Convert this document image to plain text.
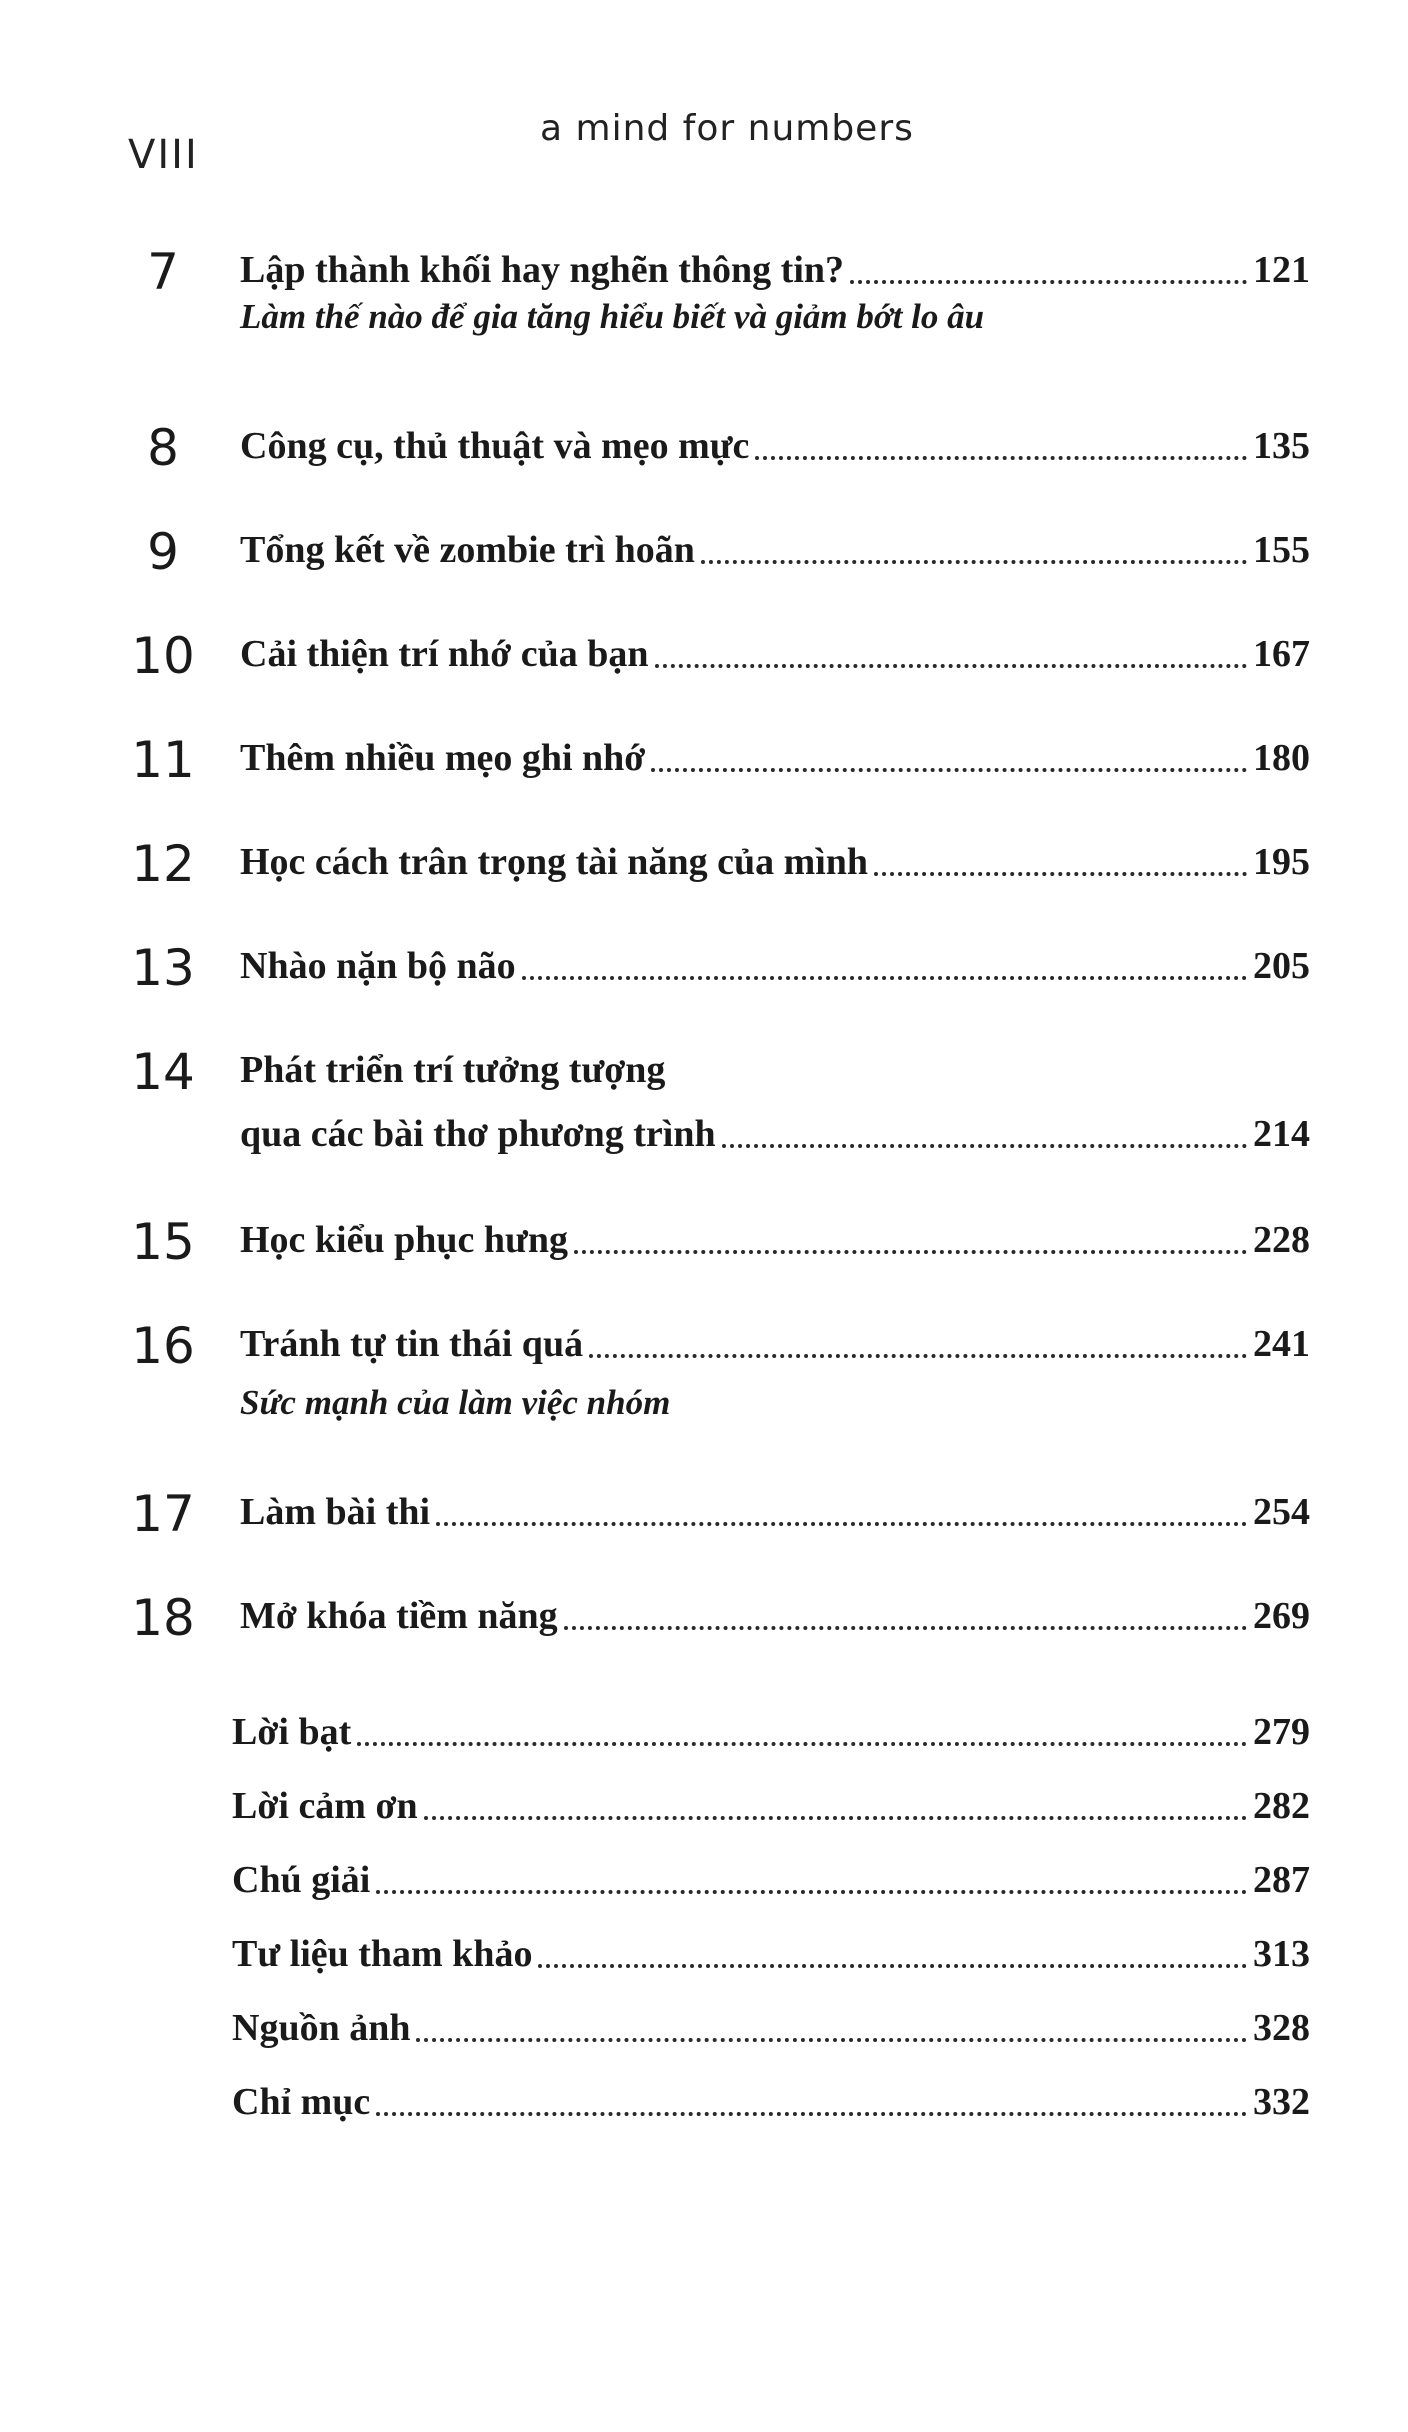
VIII
a mind for numbers
7	Lập thành khối hay nghẽn thông tin?	121
Làm thế nào để gia tăng hiểu biết và giảm bớt lo âu
8	Công cụ, thủ thuật và mẹo mực	135
9	Tổng kết về zombie trì hoãn	155
10	Cải thiện trí nhớ của bạn	167
11	Thêm nhiều mẹo ghi nhớ	180
12	Học cách trân trọng tài năng của mình	195
13	Nhào nặn bộ não	205
14	Phát triển trí tưởng tượng
qua các bài thơ phương trình	214
15	Học kiểu phục hưng	228
16	Tránh tự tin thái quá	241
Sức mạnh của làm việc nhóm
17	Làm bài thi	254
18	Mở khóa tiềm năng	269
Lời bạt	279
Lời cảm ơn	282
Chú giải	287
Tư liệu tham khảo	313
Nguồn ảnh	328
Chỉ mục	332
